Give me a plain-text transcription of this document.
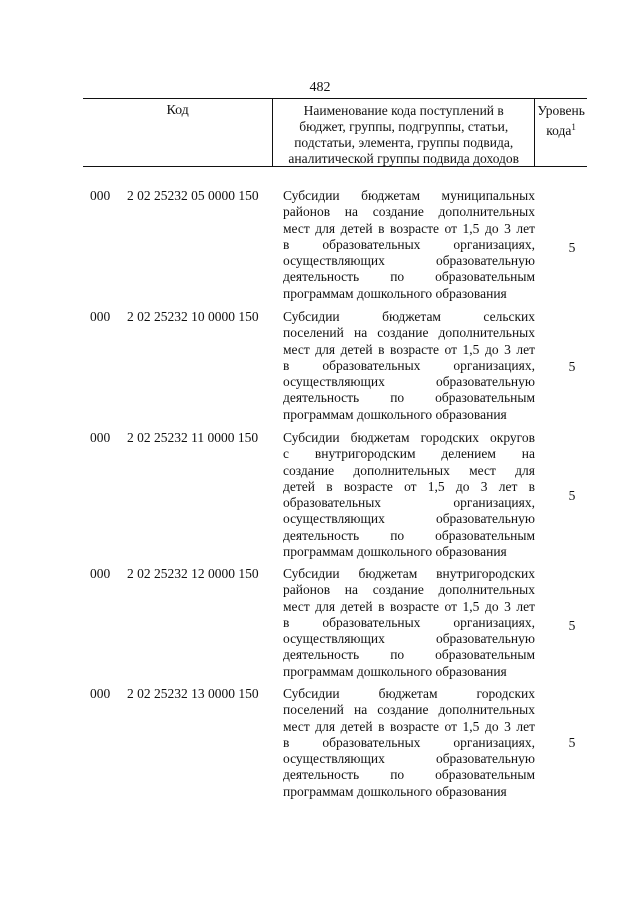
482
Код	Наименование кода поступлений в
бюджет, группы, подгруппы, статьи,
подстатьи, элемента, группы подвида,
аналитической группы подвида доходов
Уровень
кода$^1$
000 2 02 25232 05 0000 150 Субсидии бюджетам муниципальных
районов на создание дополнительных
мест для детей в возрасте от 1,5 до 3 лет
в образовательных организациях,
осуществляющих образовательную
деятельность по образовательным
программам дошкольного образования
5
000 2 02 25232 10 0000 150 Субсидии бюджетам сельских
поселений на создание дополнительных
мест для детей в возрасте от 1,5 до 3 лет
в образовательных организациях,
осуществляющих образовательную
деятельность по образовательным
программам дошкольного образования
5
000 2 02 25232 11 0000 150 Субсидии бюджетам городских округов
с внутригородским делением на
создание дополнительных мест для
детей в возрасте от 1,5 до 3 лет в
образовательных организациях,
осуществляющих образовательную
деятельность по образовательным
программам дошкольного образования
5
000 2 02 25232 12 0000 150 Субсидии бюджетам внутригородских
районов на создание дополнительных
мест для детей в возрасте от 1,5 до 3 лет
в образовательных организациях,
осуществляющих образовательную
деятельность по образовательным
программам дошкольного образования
5
000 2 02 25232 13 0000 150 Субсидии бюджетам городских
поселений на создание дополнительных
мест для детей в возрасте от 1,5 до 3 лет
в образовательных организациях,
осуществляющих образовательную
деятельность по образовательным
программам дошкольного образования
5
